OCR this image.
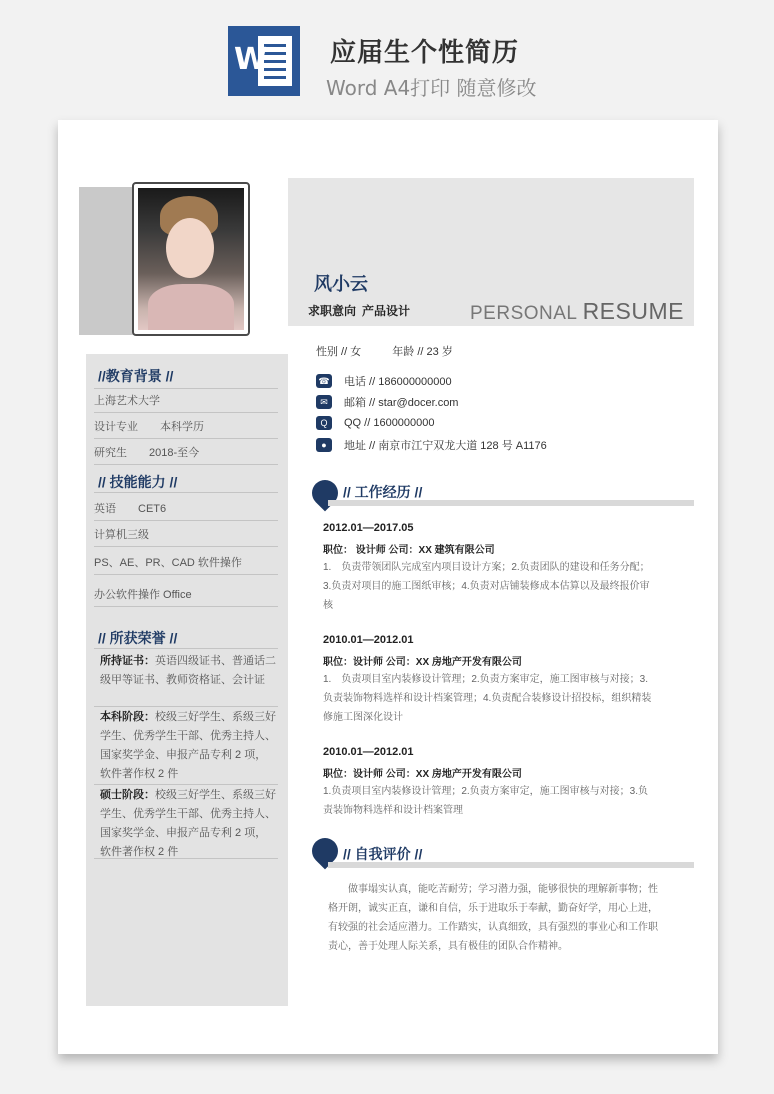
W 应届生个性简历
Word A4打印 随意修改
风小云
求职意向 产品设计	PERSONAL RESUME
性别 // 女	年龄 // 23 岁
☎ 电话 // 186000000000
✉	邮箱 // star@docer.com
Q	QQ // 1600000000
●	地址 // 南京市江宁双龙大道 128 号 A1176
//教育背景 //
上海艺术大学
设计专业 本科学历
研究生 2018-至今
// 技能能力 //
英语 CET6
计算机三级
PS、AE、PR、CAD 软件操作
办公软件操作 Office
// 所获荣誉 //
所持证书：英语四级证书、普通话二级甲等证书、教师资格证、会计证
本科阶段：校级三好学生、系级三好学生、优秀学生干部、优秀主持人、国家奖学金、申报产品专利 2 项，软件著作权 2 件
硕士阶段：校级三好学生、系级三好学生、优秀学生干部、优秀主持人、国家奖学金、申报产品专利 2 项，软件著作权 2 件
// 工作经历 //
2012.01—2017.05
职位： 设计师 公司：XX 建筑有限公司
1.　负责带领团队完成室内项目设计方案；2.负责团队的建设和任务分配；3.负责对项目的施工图纸审核；4.负责对店铺装修成本估算以及最终报价审核
2010.01—2012.01
职位：设计师 公司：XX 房地产开发有限公司
1.　负责项目室内装修设计管理；2.负责方案审定，施工图审核与对接；3.负责装饰物料选样和设计档案管理；4.负责配合装修设计招投标，组织精装修施工图深化设计
2010.01—2012.01
职位：设计师 公司：XX 房地产开发有限公司
1.负责项目室内装修设计管理；2.负责方案审定，施工图审核与对接；3.负责装饰物料选样和设计档案管理
// 自我评价 //
做事塌实认真，能吃苦耐劳；学习潜力强，能够很快的理解新事物；性格开朗，诚实正直，谦和自信，乐于进取乐于奉献，勤奋好学，用心上进，有较强的社会适应潜力。工作踏实，认真细致，具有强烈的事业心和工作职责心，善于处理人际关系，具有极佳的团队合作精神。
